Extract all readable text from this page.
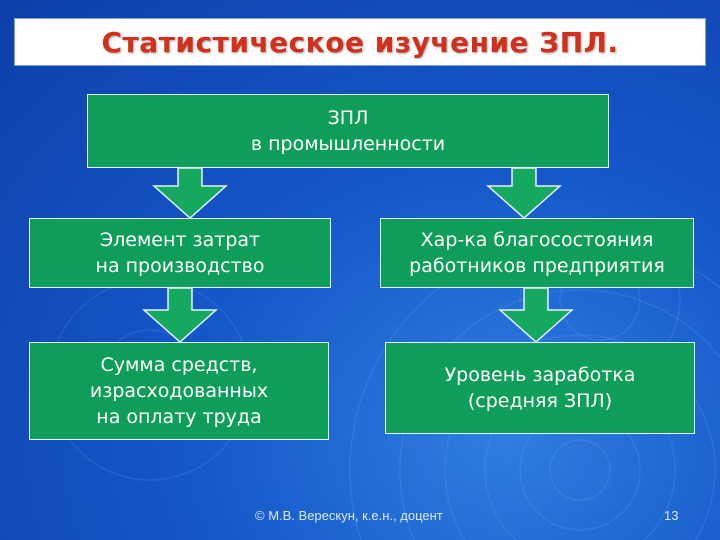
Статистическое изучение ЗПЛ.
ЗПЛ
в промышленности
Элемент затрат
на производство
Хар-ка благосостояния
работников предприятия
Сумма средств,
израсходованных
на оплату труда
Уровень заработка
(средняя ЗПЛ)
© М.В. Верескун, к.е.н., доцент	13
